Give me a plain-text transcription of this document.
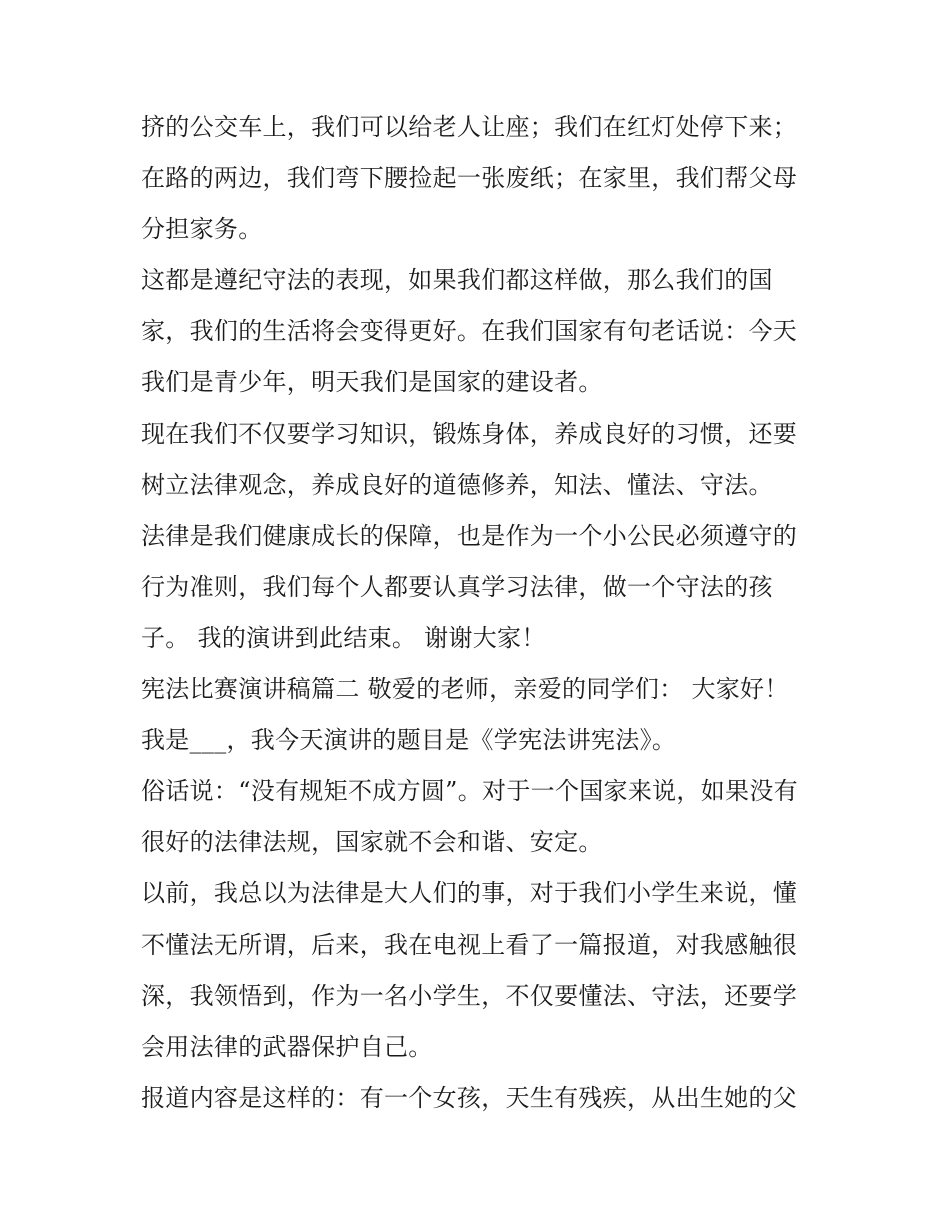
挤的公交车上，我们可以给老人让座；我们在红灯处停下来；
在路的两边，我们弯下腰捡起一张废纸；在家里，我们帮父母
分担家务。
这都是遵纪守法的表现，如果我们都这样做，那么我们的国
家，我们的生活将会变得更好。在我们国家有句老话说：今天
我们是青少年，明天我们是国家的建设者。
现在我们不仅要学习知识，锻炼身体，养成良好的习惯，还要
树立法律观念，养成良好的道德修养，知法、懂法、守法。
法律是我们健康成长的保障，也是作为一个小公民必须遵守的
行为准则，我们每个人都要认真学习法律，做一个守法的孩
子。 我的演讲到此结束。 谢谢大家！
宪法比赛演讲稿篇二 敬爱的老师，亲爱的同学们： 大家好！
我是___，我今天演讲的题目是《学宪法讲宪法》。
俗话说：“没有规矩不成方圆”。对于一个国家来说，如果没有
很好的法律法规，国家就不会和谐、安定。
以前，我总以为法律是大人们的事，对于我们小学生来说，懂
不懂法无所谓，后来，我在电视上看了一篇报道，对我感触很
深，我领悟到，作为一名小学生，不仅要懂法、守法，还要学
会用法律的武器保护自己。
报道内容是这样的：有一个女孩，天生有残疾，从出生她的父
